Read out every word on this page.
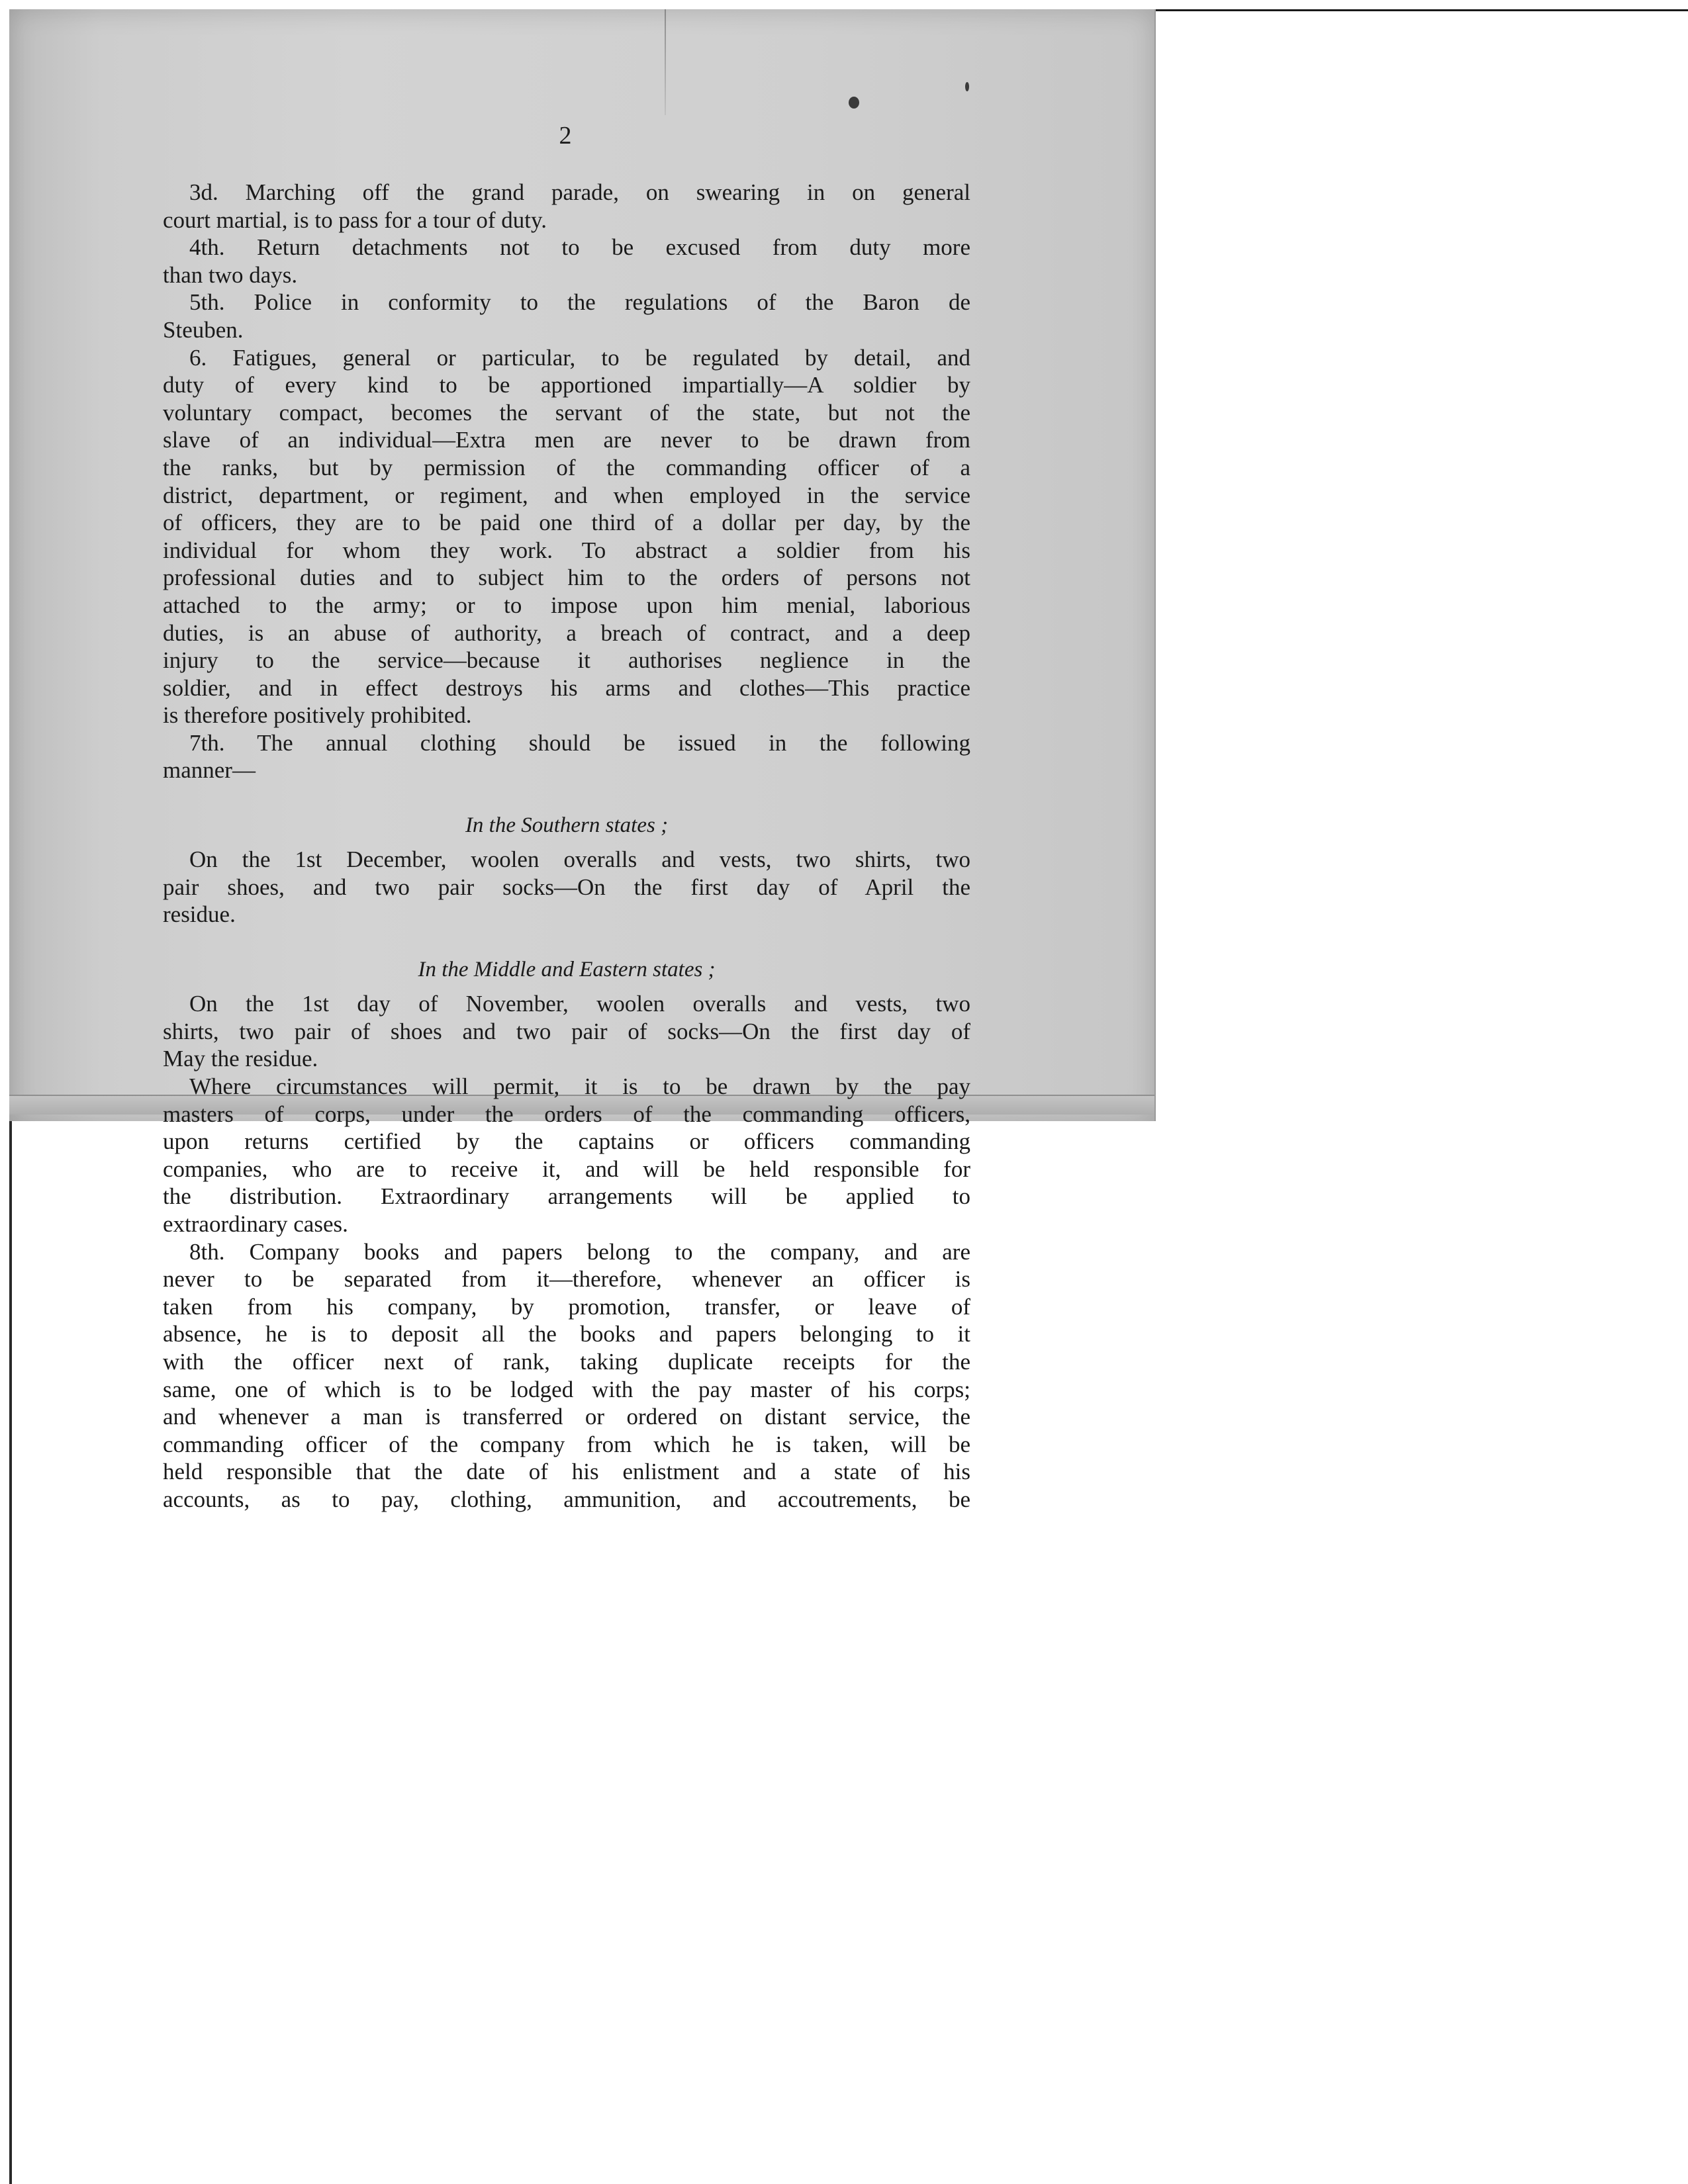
2
3d. Marching off the grand parade, on swearing in on general
court martial, is to pass for a tour of duty.
4th. Return detachments not to be excused from duty more
than two days.
5th. Police in conformity to the regulations of the Baron de
Steuben.
6. Fatigues, general or particular, to be regulated by detail, and
duty of every kind to be apportioned impartially—A soldier by
voluntary compact, becomes the servant of the state, but not the
slave of an individual—Extra men are never to be drawn from
the ranks, but by permission of the commanding officer of a
district, department, or regiment, and when employed in the service
of officers, they are to be paid one third of a dollar per day, by the
individual for whom they work. To abstract a soldier from his
professional duties and to subject him to the orders of persons not
attached to the army; or to impose upon him menial, laborious
duties, is an abuse of authority, a breach of contract, and a deep
injury to the service—because it authorises neglience in the
soldier, and in effect destroys his arms and clothes—This practice
is therefore positively prohibited.
7th. The annual clothing should be issued in the following
manner—
In the Southern states ;
On the 1st December, woolen overalls and vests, two shirts, two
pair shoes, and two pair socks—On the first day of April the
residue.
In the Middle and Eastern states ;
On the 1st day of November, woolen overalls and vests, two
shirts, two pair of shoes and two pair of socks—On the first day of
May the residue.
Where circumstances will permit, it is to be drawn by the pay
masters of corps, under the orders of the commanding officers,
upon returns certified by the captains or officers commanding
companies, who are to receive it, and will be held responsible for
the distribution. Extraordinary arrangements will be applied to
extraordinary cases.
8th. Company books and papers belong to the company, and are
never to be separated from it—therefore, whenever an officer is
taken from his company, by promotion, transfer, or leave of
absence, he is to deposit all the books and papers belonging to it
with the officer next of rank, taking duplicate receipts for the
same, one of which is to be lodged with the pay master of his corps;
and whenever a man is transferred or ordered on distant service, the
commanding officer of the company from which he is taken, will be
held responsible that the date of his enlistment and a state of his
accounts, as to pay, clothing, ammunition, and accoutrements, be
